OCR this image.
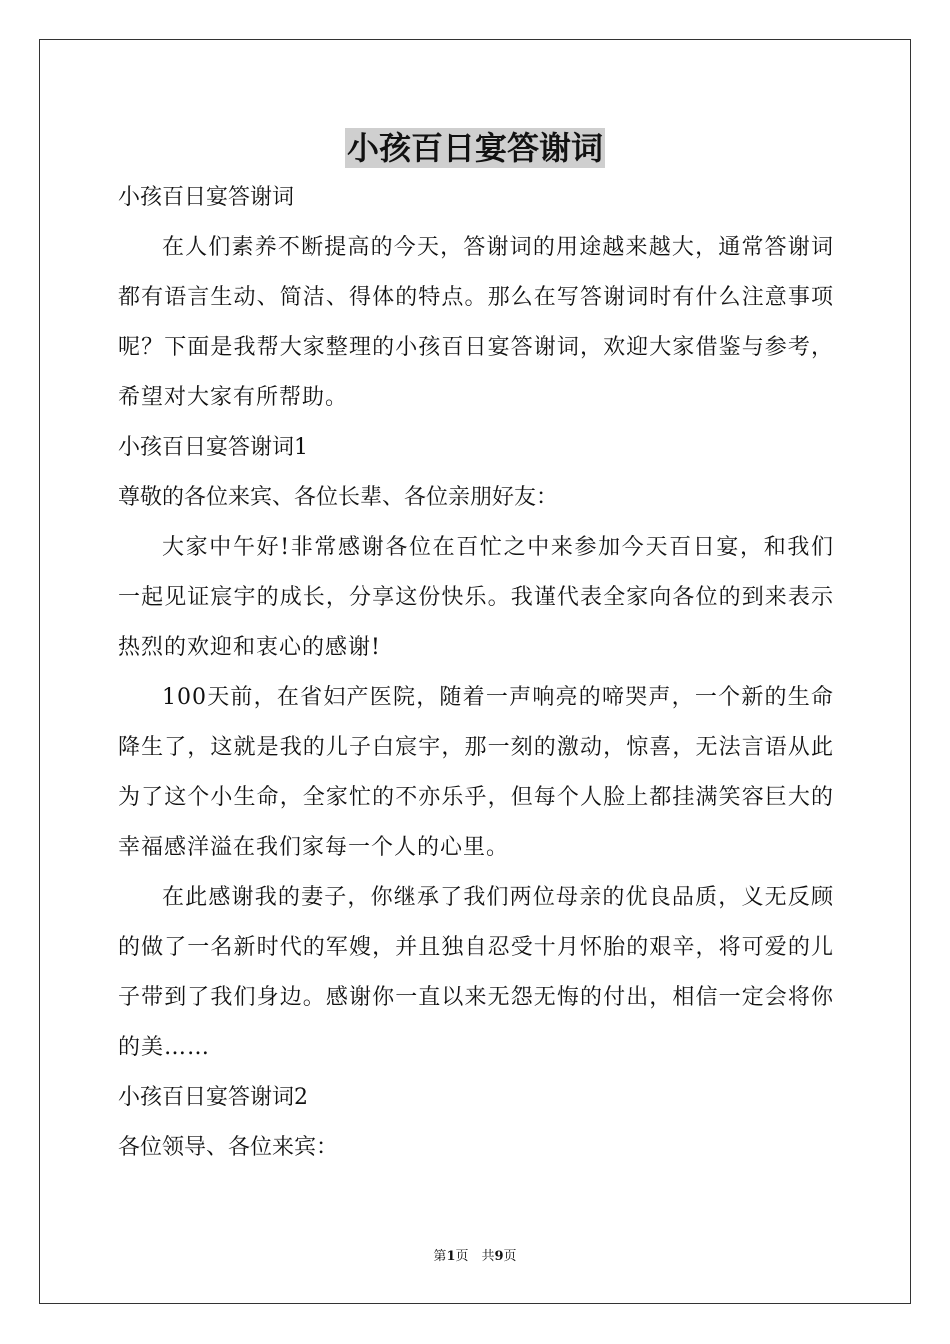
小孩百日宴答谢词

小孩百日宴答谢词

在人们素养不断提高的今天，答谢词的用途越来越大，通常答谢词都有语言生动、简洁、得体的特点。那么在写答谢词时有什么注意事项呢？下面是我帮大家整理的小孩百日宴答谢词，欢迎大家借鉴与参考，希望对大家有所帮助。

小孩百日宴答谢词1

尊敬的各位来宾、各位长辈、各位亲朋好友：

大家中午好!非常感谢各位在百忙之中来参加今天百日宴，和我们一起见证宸宇的成长，分享这份快乐。我谨代表全家向各位的到来表示热烈的欢迎和衷心的感谢!

100天前，在省妇产医院，随着一声响亮的啼哭声，一个新的生命降生了，这就是我的儿子白宸宇，那一刻的激动，惊喜，无法言语从此为了这个小生命，全家忙的不亦乐乎，但每个人脸上都挂满笑容巨大的幸福感洋溢在我们家每一个人的心里。

在此感谢我的妻子，你继承了我们两位母亲的优良品质，义无反顾的做了一名新时代的军嫂，并且独自忍受十月怀胎的艰辛，将可爱的儿子带到了我们身边。感谢你一直以来无怨无悔的付出，相信一定会将你的美……

小孩百日宴答谢词2

各位领导、各位来宾：

第1页　共9页
